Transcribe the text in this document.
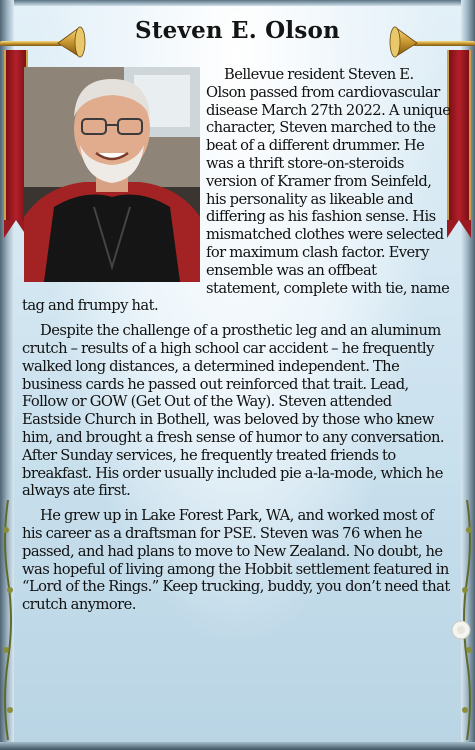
Steven E. Olson

Bellevue resident Steven E. Olson passed from cardiovascular disease March 27th 2022. A unique character, Steven marched to the beat of a different drummer. He was a thrift store-on-steroids version of Kramer from Seinfeld, his personality as likeable and differing as his fashion sense. His mismatched clothes were selected for maximum clash factor. Every ensemble was an offbeat statement, complete with tie, name tag and frumpy hat.

Despite the challenge of a prosthetic leg and an aluminum crutch – results of a high school car accident – he frequently walked long distances, a determined independent. The business cards he passed out reinforced that trait. Lead, Follow or GOW (Get Out of the Way). Steven attended Eastside Church in Bothell, was beloved by those who knew him, and brought a fresh sense of humor to any conversation. After Sunday services, he frequently treated friends to breakfast. His order usually included pie a-la-mode, which he always ate first.

He grew up in Lake Forest Park, WA, and worked most of his career as a draftsman for PSE. Steven was 76 when he passed, and had plans to move to New Zealand. No doubt, he was hopeful of living among the Hobbit settlement featured in “Lord of the Rings.” Keep trucking, buddy, you don’t need that crutch anymore.
